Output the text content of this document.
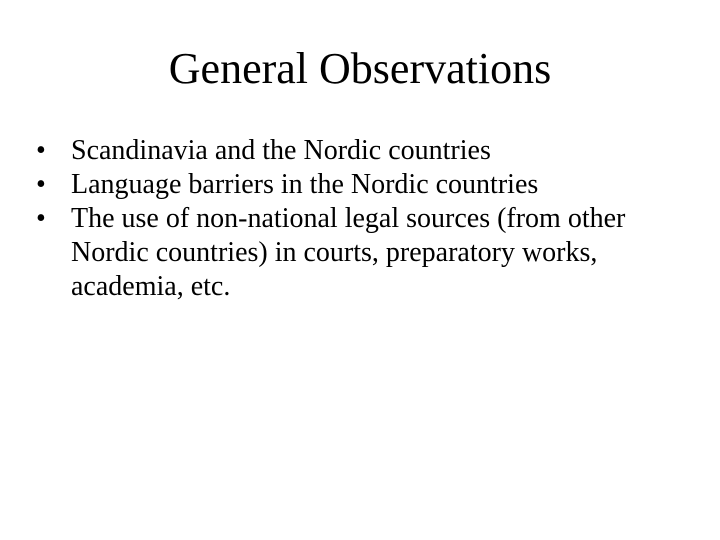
General Observations
• Scandinavia and the Nordic countries
• Language barriers in the Nordic countries
• The use of non-national legal sources (from other Nordic countries) in courts, preparatory works, academia, etc.
